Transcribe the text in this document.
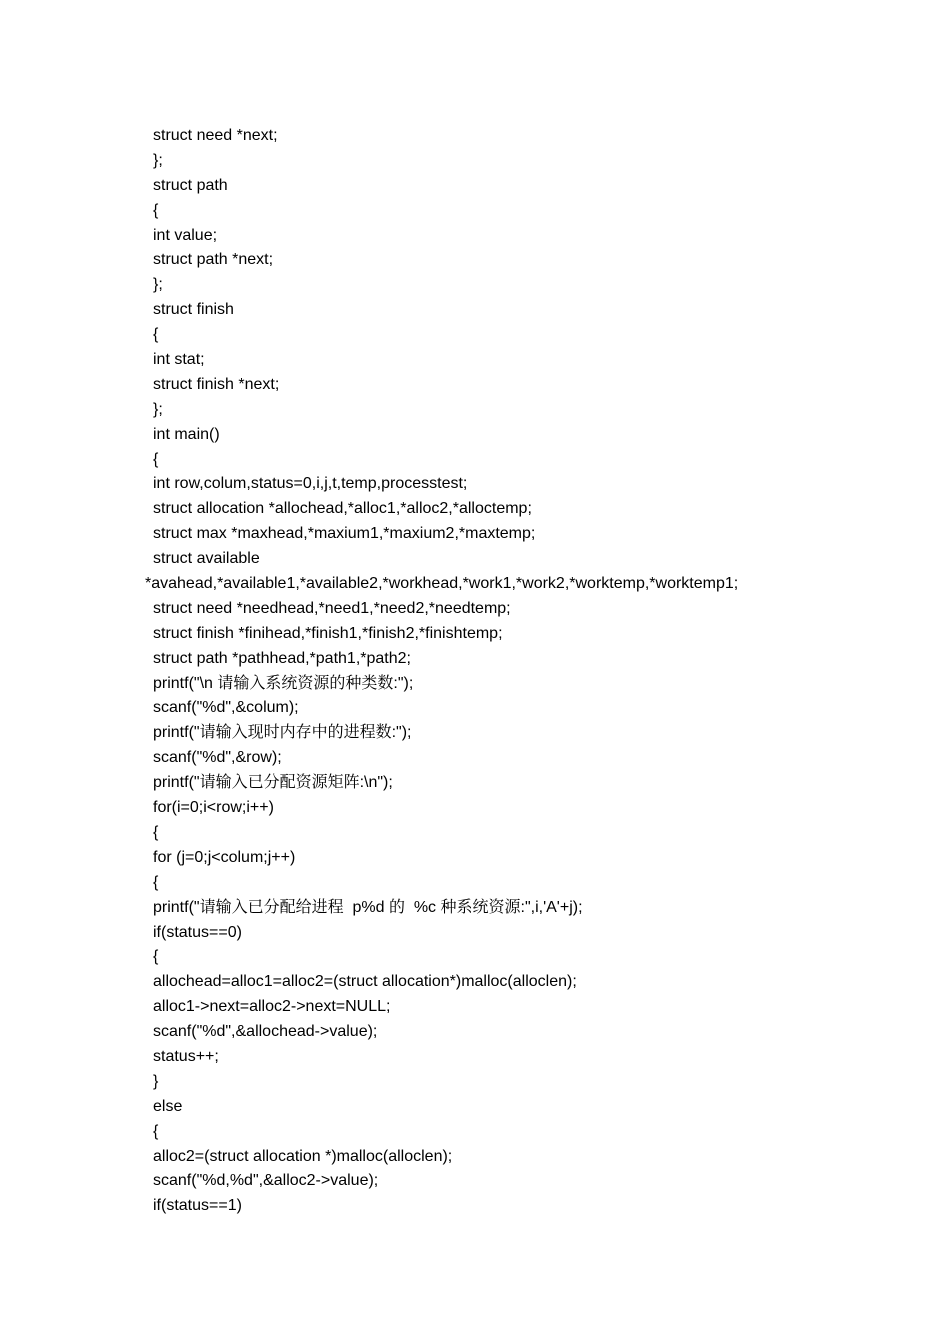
struct need *next;
};
struct path
{
int value;
struct path *next;
};
struct finish
{
int stat;
struct finish *next;
};
int main()
{
int row,colum,status=0,i,j,t,temp,processtest;
struct allocation *allochead,*alloc1,*alloc2,*alloctemp;
struct max *maxhead,*maxium1,*maxium2,*maxtemp;
struct available
*avahead,*available1,*available2,*workhead,*work1,*work2,*worktemp,*worktemp1;
struct need *needhead,*need1,*need2,*needtemp;
struct finish *finihead,*finish1,*finish2,*finishtemp;
struct path *pathhead,*path1,*path2;
printf("\n 请输入系统资源的种类数:");
scanf("%d",&colum);
printf("请输入现时内存中的进程数:");
scanf("%d",&row);
printf("请输入已分配资源矩阵:\n");
for(i=0;i<row;i++)
{
for (j=0;j<colum;j++)
{
printf("请输入已分配给进程  p%d 的  %c 种系统资源:",i,'A'+j);
if(status==0)
{
allochead=alloc1=alloc2=(struct allocation*)malloc(alloclen);
alloc1->next=alloc2->next=NULL;
scanf("%d",&allochead->value);
status++;
}
else
{
alloc2=(struct allocation *)malloc(alloclen);
scanf("%d,%d",&alloc2->value);
if(status==1)
